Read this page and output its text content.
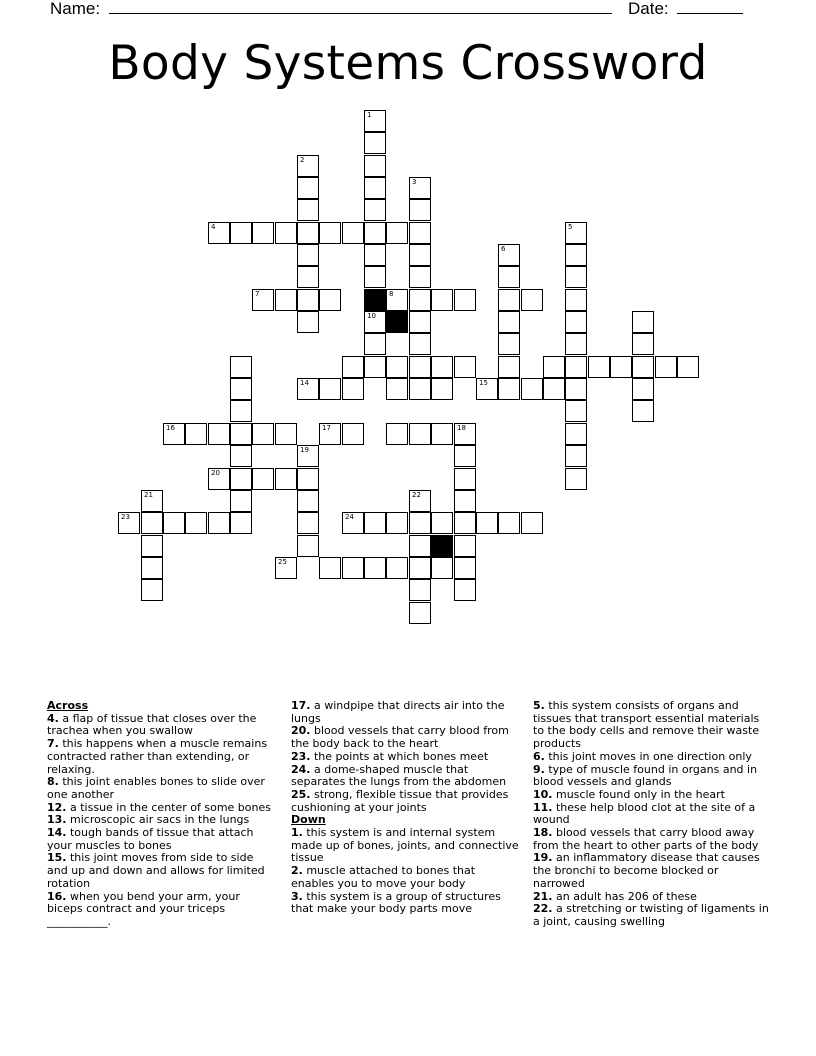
Name:	Date:
Body Systems Crossword
1
10
2
3
4	5
6
7	8
14	15
16	17	18
19
20
21	22
23	24
25
Across
4. a flap of tissue that closes over the trachea when you swallow
7. this happens when a muscle remains contracted rather than extending, or relaxing.
8. this joint enables bones to slide over one another
12. a tissue in the center of some bones
13. microscopic air sacs in the lungs
14. tough bands of tissue that attach your muscles to bones
15. this joint moves from side to side and up and down and allows for limited rotation
16. when you bend your arm, your biceps contract and your triceps ___________.
17. a windpipe that directs air into the lungs
20. blood vessels that carry blood from the body back to the heart
23. the points at which bones meet
24. a dome-shaped muscle that separates the lungs from the abdomen
25. strong, flexible tissue that provides cushioning at your joints
Down
1. this system is and internal system made up of bones, joints, and connective tissue
2. muscle attached to bones that enables you to move your body
3. this system is a group of structures that make your body parts move
5. this system consists of organs and tissues that transport essential materials to the body cells and remove their waste products
6. this joint moves in one direction only
9. type of muscle found in organs and in blood vessels and glands
10. muscle found only in the heart
11. these help blood clot at the site of a wound
18. blood vessels that carry blood away from the heart to other parts of the body
19. an inflammatory disease that causes the bronchi to become blocked or narrowed
21. an adult has 206 of these
22. a stretching or twisting of ligaments in a joint, causing swelling
